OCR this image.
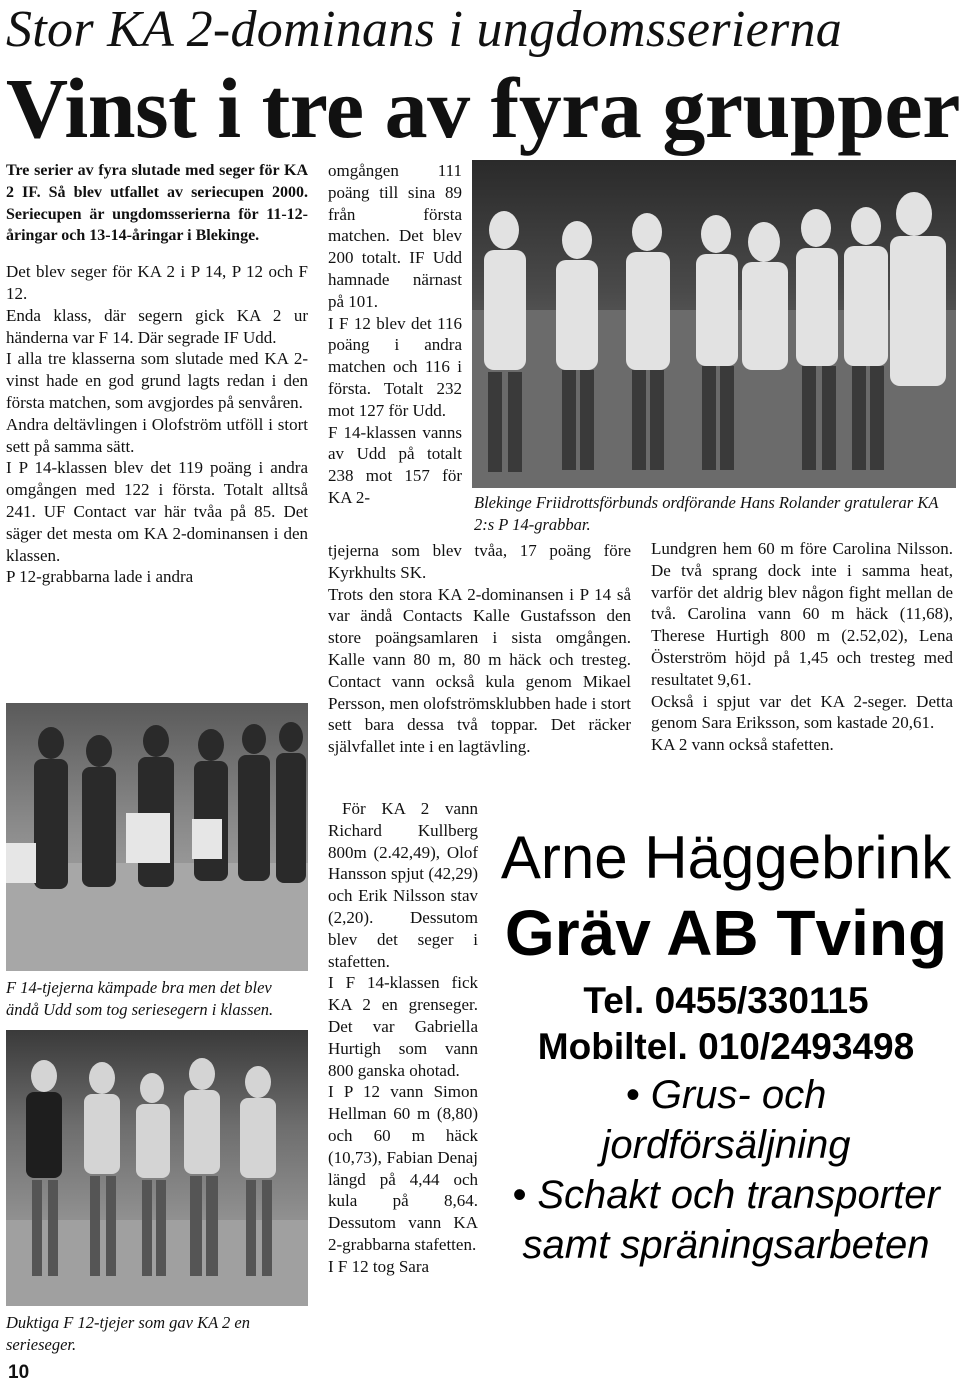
Stor KA 2-dominans i ungdomsserierna
Vinst i tre av fyra grupper

Tre serier av fyra slutade med seger för KA 2 IF. Så blev utfallet av seriecupen 2000. Seriecupen är ungdomsserierna för 11-12-åringar och 13-14-åringar i Blekinge.

Det blev seger för KA 2 i P 14, P 12 och F 12.

Enda klass, där segern gick KA 2 ur händerna var F 14. Där segrade IF Udd.

I alla tre klasserna som slutade med KA 2-vinst hade en god grund lagts redan i den första matchen, som avgjordes på senvåren.

Andra deltävlingen i Olofström utföll i stort sett på samma sätt.

I P 14-klassen blev det 119 poäng i andra omgången med 122 i första. Totalt alltså 241. UF Contact var här tvåa på 85. Det säger det mesta om KA 2-dominansen i den klassen.

P 12-grabbarna lade i andra

F 14-tjejerna kämpade bra men det blev ändå Udd som tog seriesegern i klassen.
Duktiga F 12-tjejer som gav KA 2 en serieseger.

omgången 111 poäng till sina 89 från första matchen. Det blev 200 totalt. IF Udd hamnade närnast på 101.

I F 12 blev det 116 poäng i andra matchen och 116 i första. Totalt 232 mot 127 för Udd.

F 14-klassen vanns av Udd på totalt 238 mot 157 för KA 2-	Blekinge Friidrottsförbunds ordförande Hans Rolander gratulerar KA 2:s P 14-grabbar.

tjejerna som blev tvåa, 17 poäng före Kyrkhults SK.

Trots den stora KA 2-dominansen i P 14 så var ändå Contacts Kalle Gustafsson den store poängsamlaren i sista omgången. Kalle vann 80 m, 80 m häck och tresteg. Contact vann också kula genom Mikael Persson, men olofströmsklubben hade i stort sett bara dessa två toppar. Det räcker självfallet inte i en lagtävling.

För KA 2 vann Richard Kullberg 800m (2.42,49), Olof Hansson spjut (42,29) och Erik Nilsson stav (2,20). Dessutom blev det seger i stafetten.

I F 14-klassen fick KA 2 en grenseger. Det var Gabriella Hurtigh som vann 800 ganska ohotad.

I P 12 vann Simon Hellman 60 m (8,80) och 60 m häck (10,73), Fabian Denaj längd på 4,44 och kula på 8,64. Dessutom vann KA 2-grabbarna stafetten.

I F 12 tog Sara

Lundgren hem 60 m före Carolina Nilsson. De två sprang dock inte i samma heat, varför det aldrig blev någon fight mellan de två. Carolina vann 60 m häck (11,68), Therese Hurtigh 800 m (2.52,02), Lena Österström höjd på 1,45 och tresteg med resultatet 9,61.

Också i spjut var det KA 2-seger. Detta genom Sara Eriksson, som kastade 20,61.

KA 2 vann också stafetten.

Arne Häggebrink
Gräv AB Tving
Tel. 0455/330115
Mobiltel. 010/2493498
• Grus- och jordförsäljning
• Schakt och transporter samt spräningsarbeten
10
